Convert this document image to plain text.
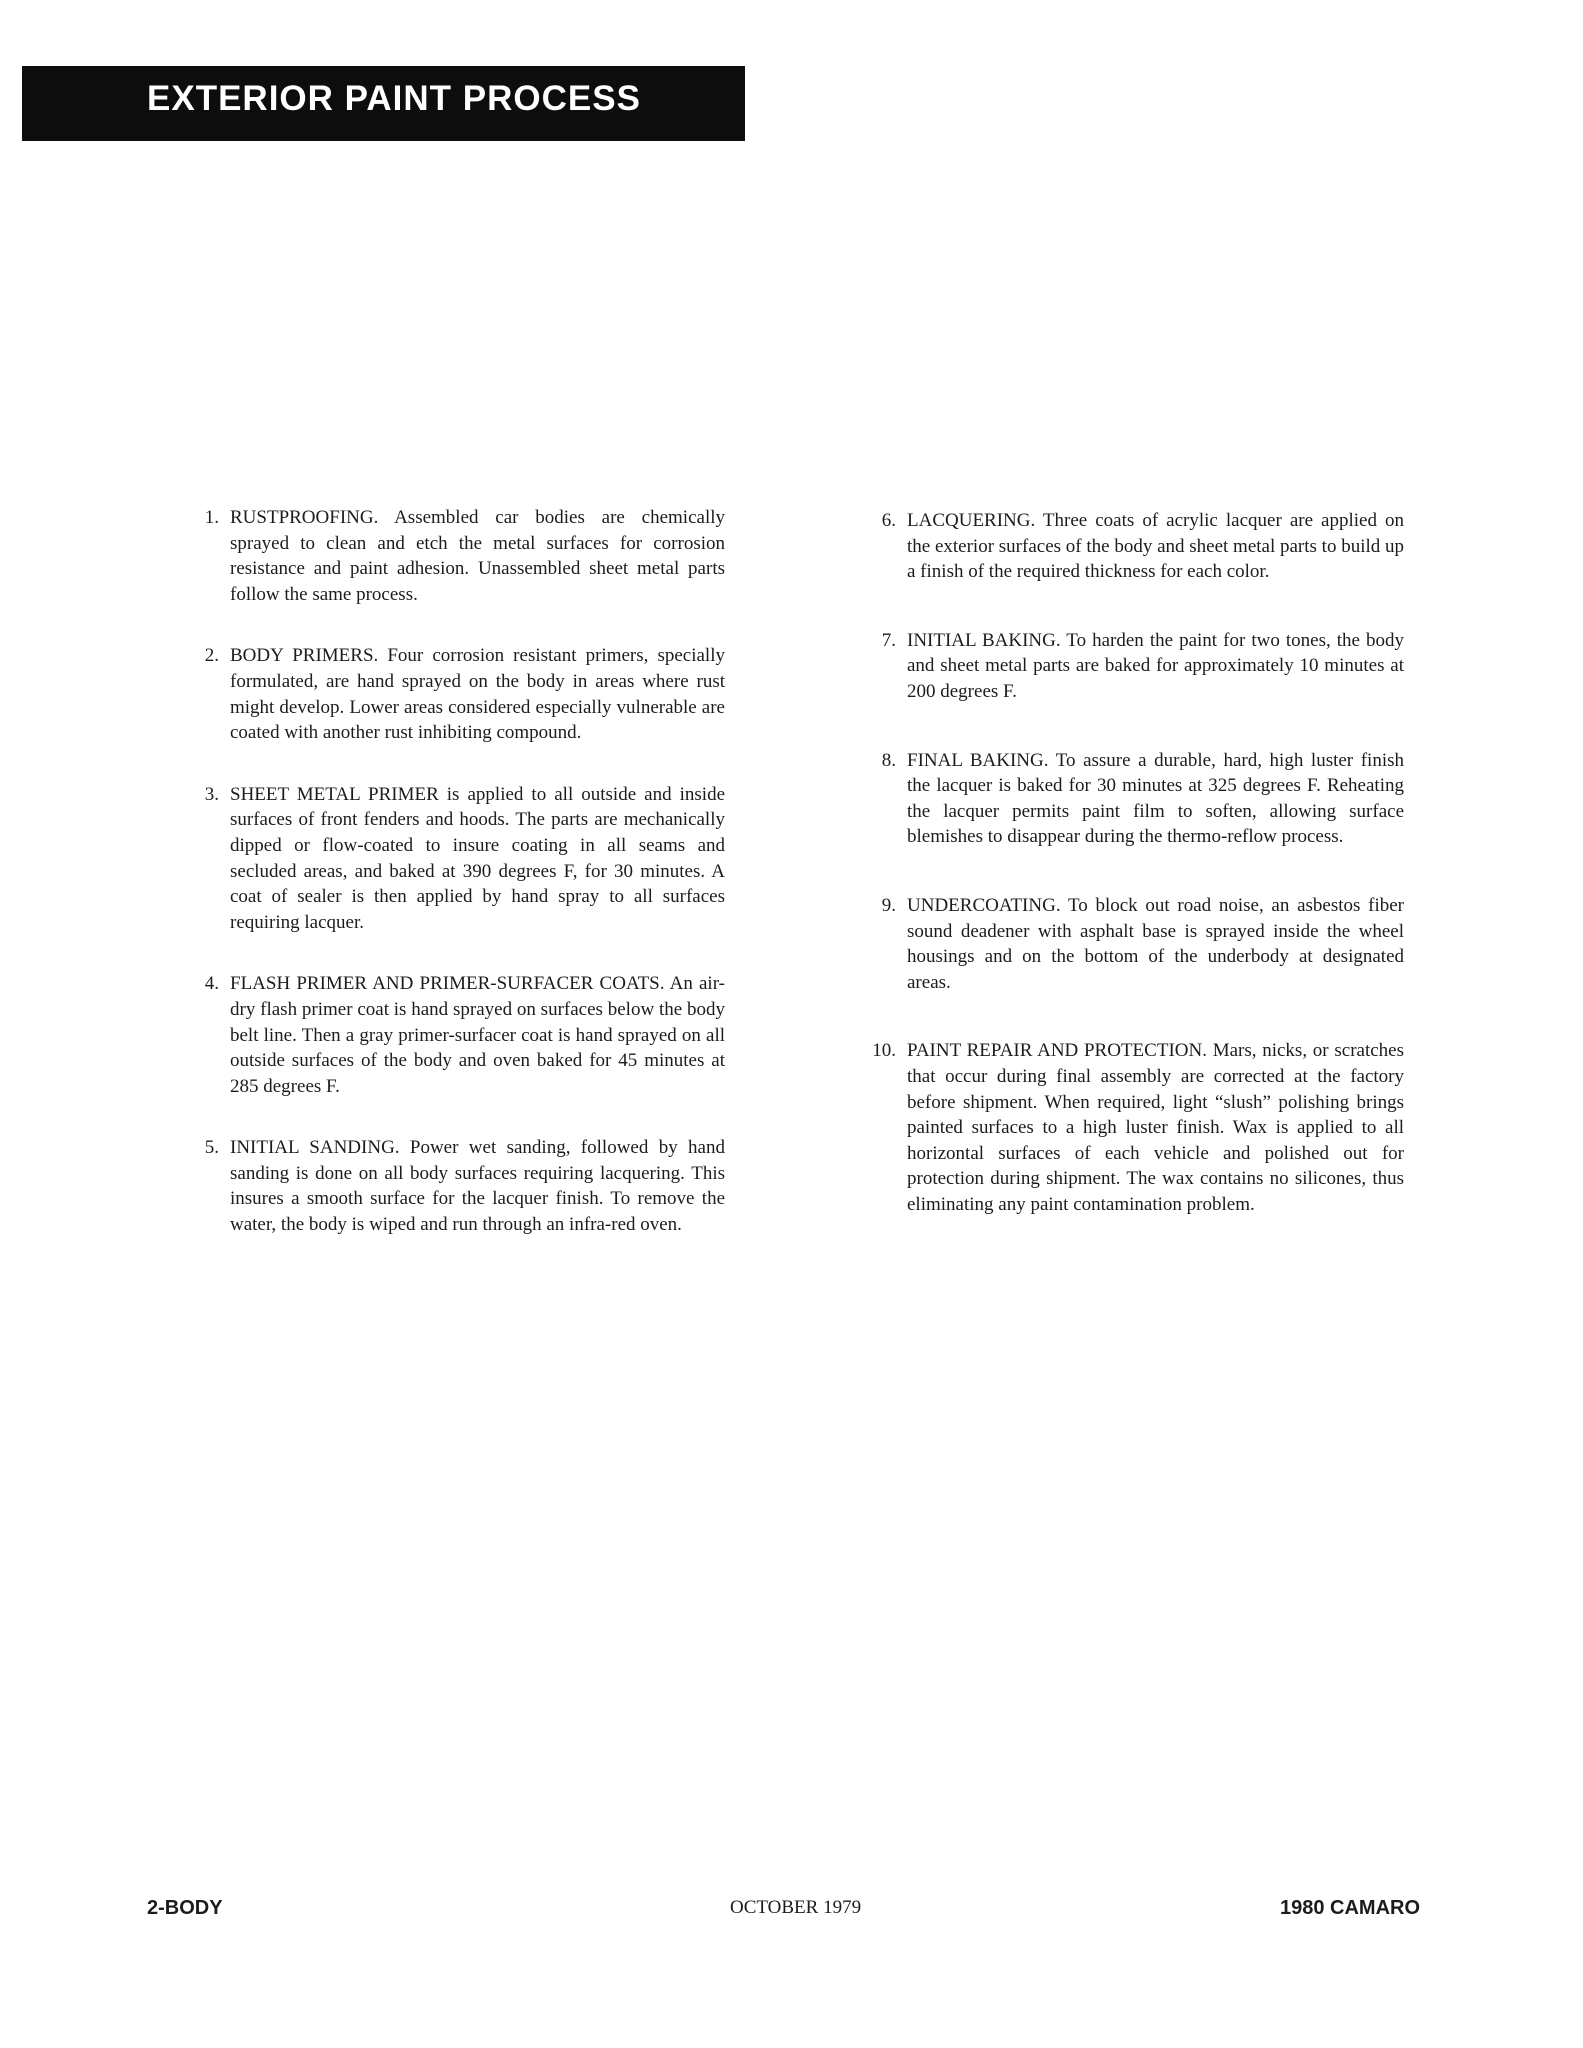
EXTERIOR PAINT PROCESS
1. RUSTPROOFING. Assembled car bodies are chemically sprayed to clean and etch the metal surfaces for corrosion resistance and paint adhesion. Unassembled sheet metal parts follow the same process.
2. BODY PRIMERS. Four corrosion resistant primers, specially formulated, are hand sprayed on the body in areas where rust might develop. Lower areas considered especially vulnerable are coated with another rust inhibiting compound.
3. SHEET METAL PRIMER is applied to all outside and inside surfaces of front fenders and hoods. The parts are mechanically dipped or flow-coated to insure coating in all seams and secluded areas, and baked at 390 degrees F, for 30 minutes. A coat of sealer is then applied by hand spray to all surfaces requiring lacquer.
4. FLASH PRIMER AND PRIMER-SURFACER COATS. An air-dry flash primer coat is hand sprayed on surfaces below the body belt line. Then a gray primer-surfacer coat is hand sprayed on all outside surfaces of the body and oven baked for 45 minutes at 285 degrees F.
5. INITIAL SANDING. Power wet sanding, followed by hand sanding is done on all body surfaces requiring lacquering. This insures a smooth surface for the lacquer finish. To remove the water, the body is wiped and run through an infra-red oven.
6. LACQUERING. Three coats of acrylic lacquer are applied on the exterior surfaces of the body and sheet metal parts to build up a finish of the required thickness for each color.
7. INITIAL BAKING. To harden the paint for two tones, the body and sheet metal parts are baked for approximately 10 minutes at 200 degrees F.
8. FINAL BAKING. To assure a durable, hard, high luster finish the lacquer is baked for 30 minutes at 325 degrees F. Reheating the lacquer permits paint film to soften, allowing surface blemishes to disappear during the thermo-reflow process.
9. UNDERCOATING. To block out road noise, an asbestos fiber sound deadener with asphalt base is sprayed inside the wheel housings and on the bottom of the underbody at designated areas.
10. PAINT REPAIR AND PROTECTION. Mars, nicks, or scratches that occur during final assembly are corrected at the factory before shipment. When required, light “slush” polishing brings painted surfaces to a high luster finish. Wax is applied to all horizontal surfaces of each vehicle and polished out for protection during shipment. The wax contains no silicones, thus eliminating any paint contamination problem.
2-BODY	OCTOBER 1979	1980 CAMARO
